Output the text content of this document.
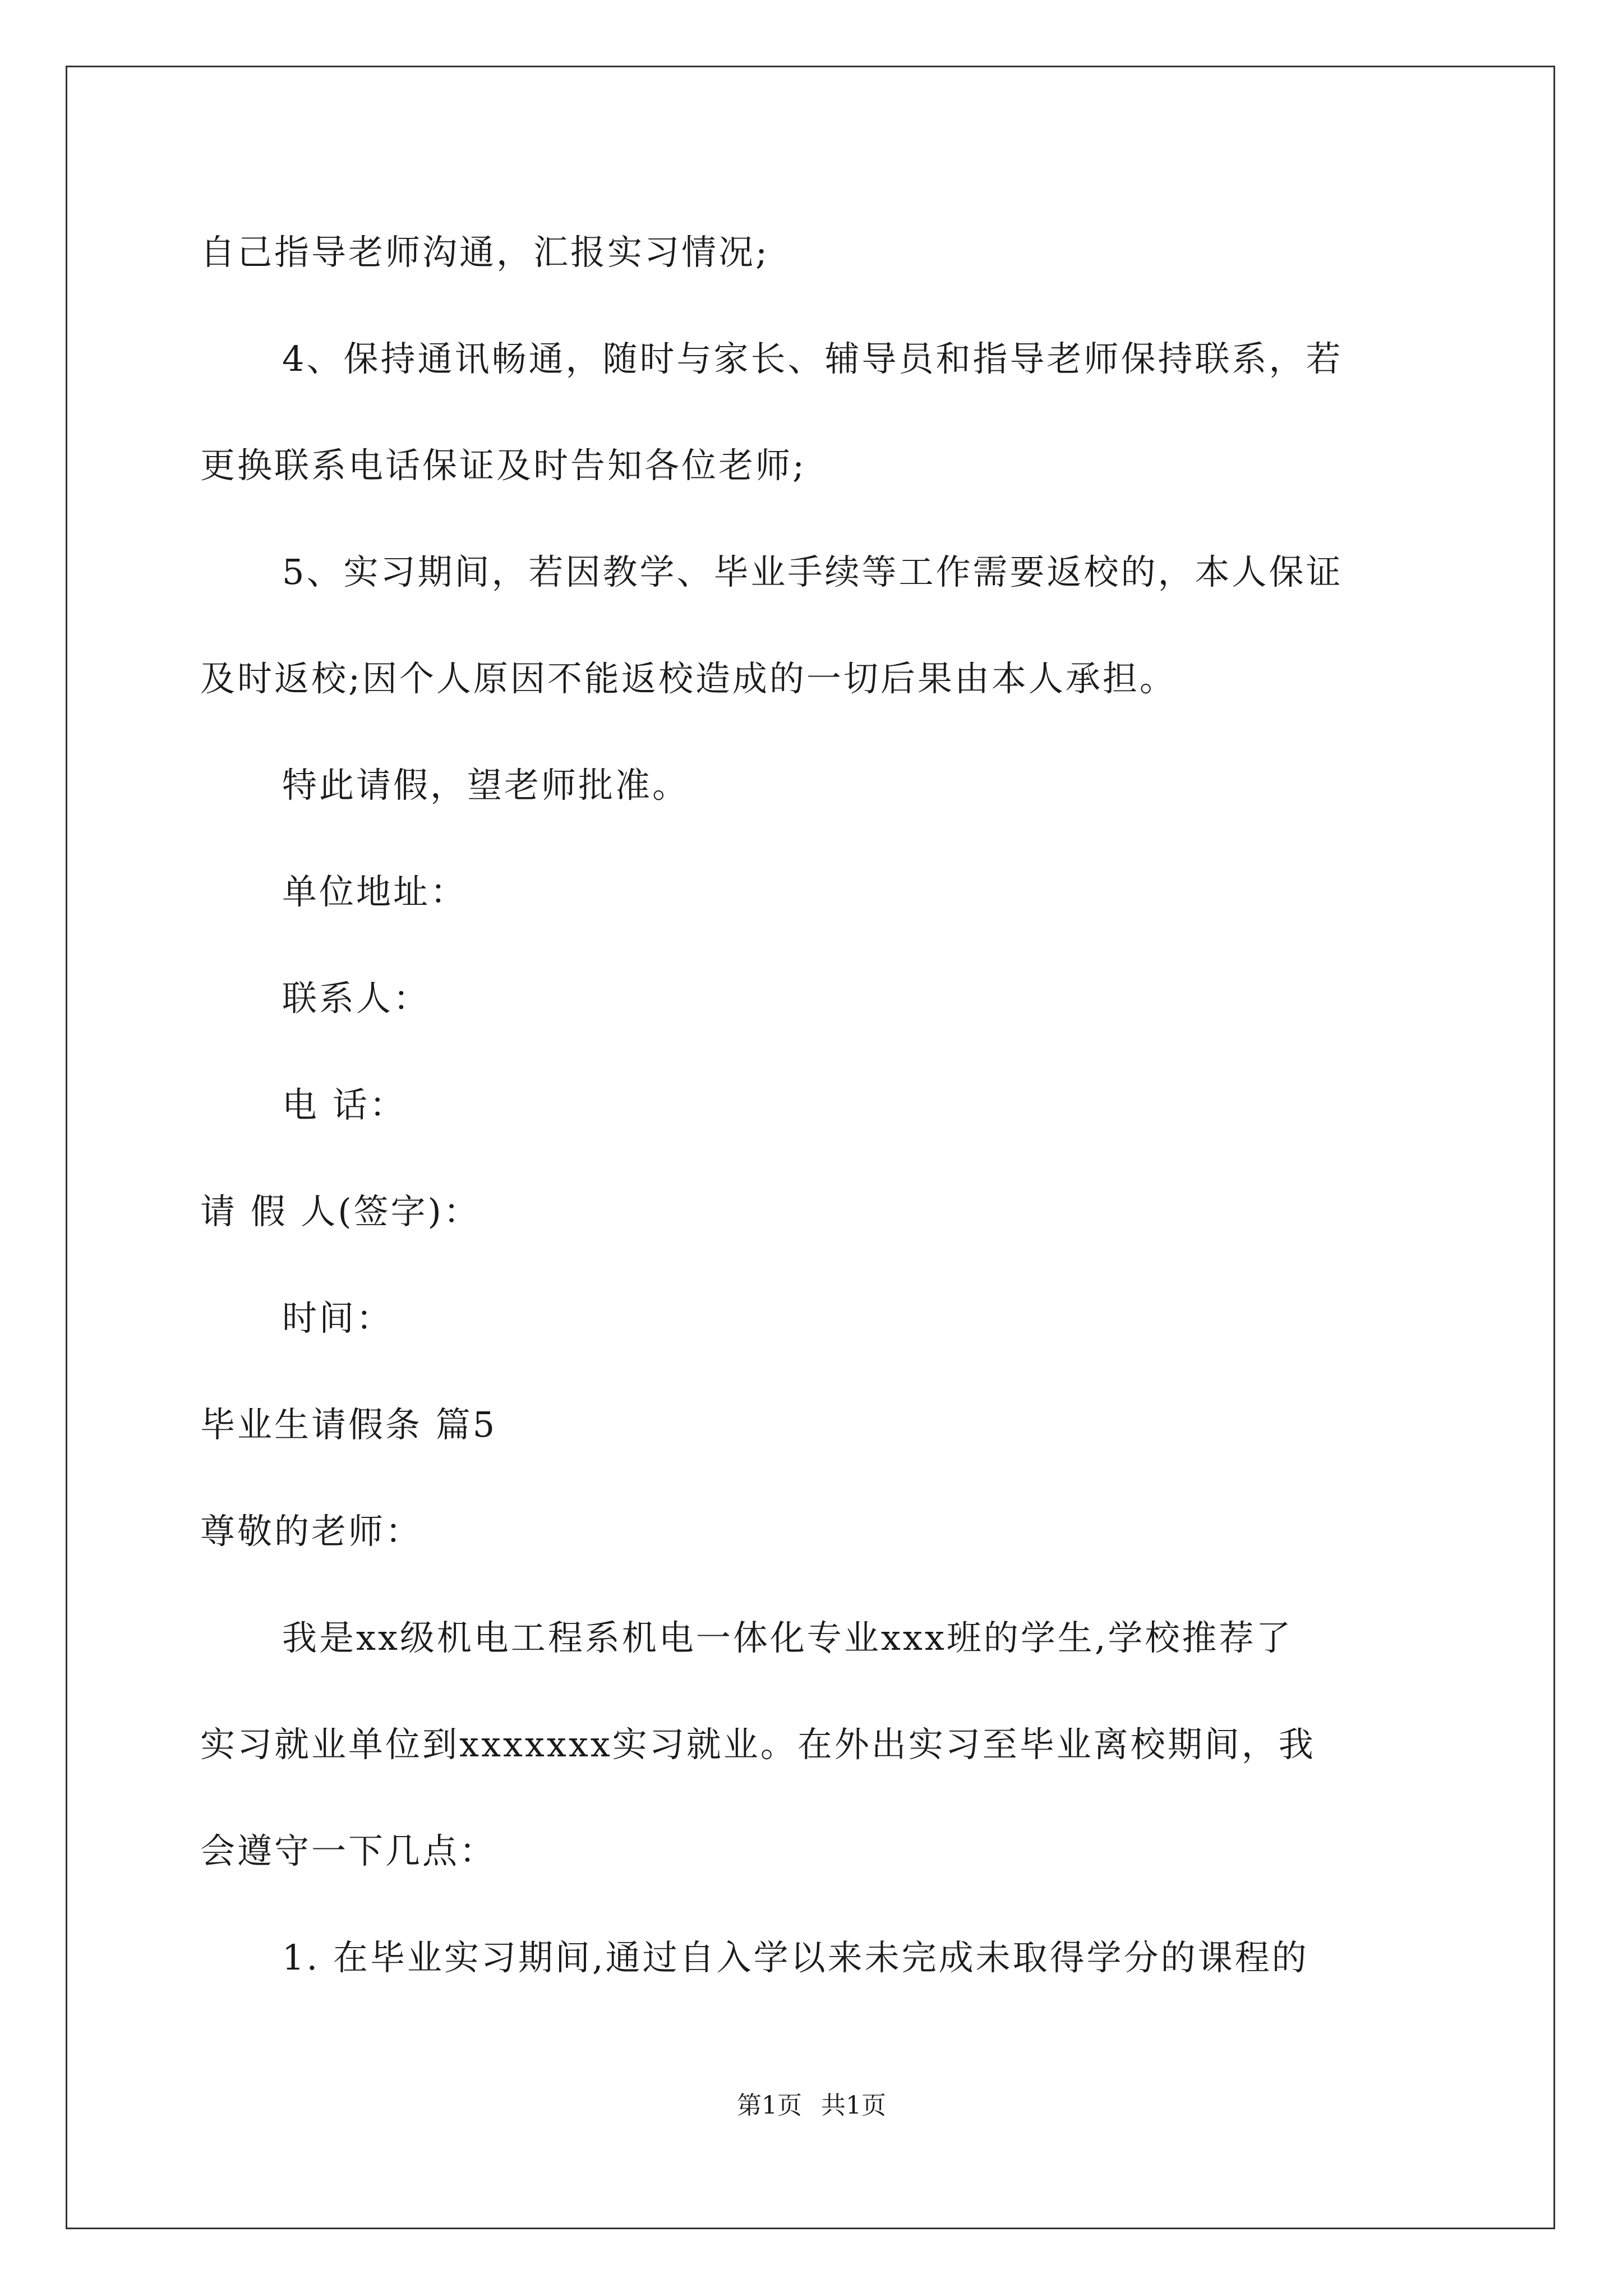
自己指导老师沟通，汇报实习情况;
4、保持通讯畅通，随时与家长、辅导员和指导老师保持联系，若
更换联系电话保证及时告知各位老师;
5、实习期间，若因教学、毕业手续等工作需要返校的，本人保证
及时返校;因个人原因不能返校造成的一切后果由本人承担。
特此请假，望老师批准。
单位地址：
联系人：
电 话：
请 假 人(签字)：
时间：
毕业生请假条 篇5
尊敬的老师：
我是xx级机电工程系机电一体化专业xxx班的学生,学校推荐了
实习就业单位到xxxxxxx实习就业。在外出实习至毕业离校期间，我
会遵守一下几点：
1. 在毕业实习期间,通过自入学以来未完成未取得学分的课程的
第1页 共1页
